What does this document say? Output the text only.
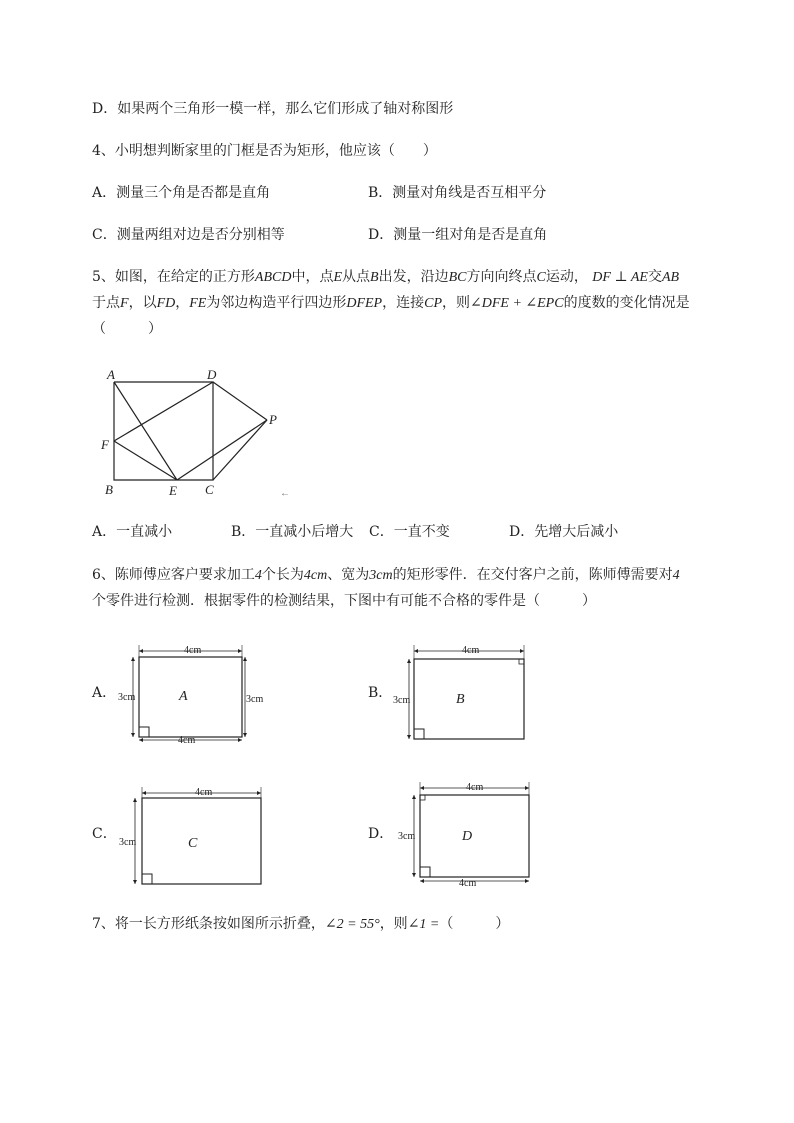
D．如果两个三角形一模一样，那么它们形成了轴对称图形
4、小明想判断家里的门框是否为矩形，他应该（　　）
A．测量三个角是否都是直角	B．测量对角线是否互相平分
C．测量两组对边是否分别相等	D．测量一组对角是否是直角
5、如图，在给定的正方形ABCD中，点E从点B出发，沿边BC方向向终点C运动， DF ⊥ AE交AB
于点F，以FD，FE为邻边构造平行四边形DFEP，连接CP，则∠DFE + ∠EPC的度数的变化情况是
（　　　）
A	D
P
F
B	E C	←
A．一直减小	B．一直减小后增大 C．一直不变	D．先增大后减小
6、陈师傅应客户要求加工4个长为4cm、宽为3cm的矩形零件．在交付客户之前，陈师傅需要对4
个零件进行检测．根据零件的检测结果，下图中有可能不合格的零件是（　　　）
A．	B．
C．	D．
4cm
4cm
3cm	3cm
A
4cm
3cm	B
4cm
3cm	C
4cm
4cm
3cm	D
7、将一长方形纸条按如图所示折叠，∠2 = 55°，则∠1 =（　　　）
